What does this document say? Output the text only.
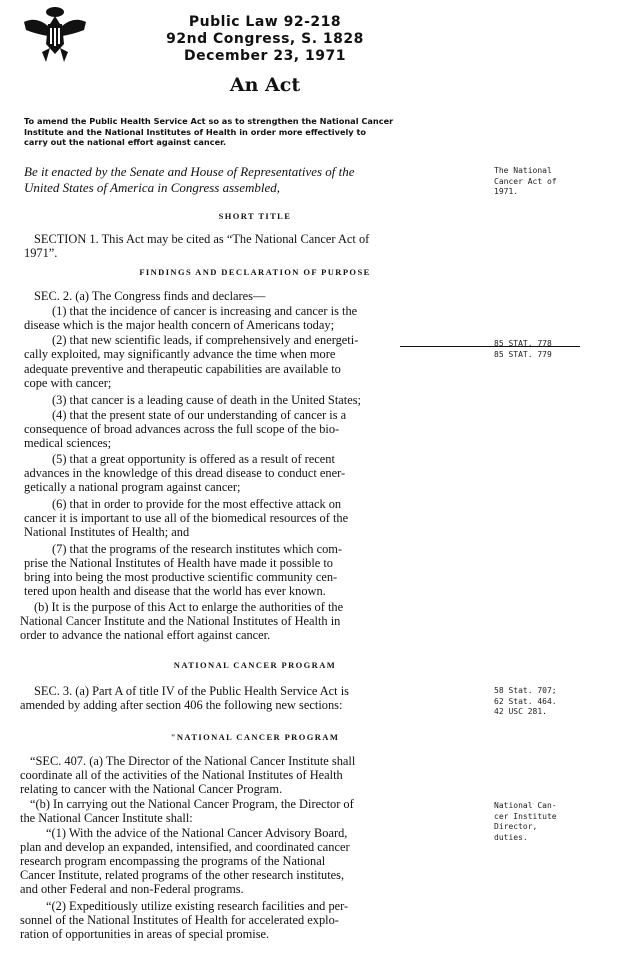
Public Law 92-218
92nd Congress, S. 1828
December 23, 1971
An Act
To amend the Public Health Service Act so as to strengthen the National Cancer
Institute and the National Institutes of Health in order more effectively to
carry out the national effort against cancer.
Be it enacted by the Senate and House of Representatives of the
United States of America in Congress assembled,
The National
Cancer Act of
1971.
SHORT TITLE
SECTION 1. This Act may be cited as “The National Cancer Act of
1971”.
FINDINGS AND DECLARATION OF PURPOSE
SEC. 2. (a) The Congress finds and declares—
(1) that the incidence of cancer is increasing and cancer is the
disease which is the major health concern of Americans today;
(2) that new scientific leads, if comprehensively and energeti-
cally exploited, may significantly advance the time when more
adequate preventive and therapeutic capabilities are available to
cope with cancer;
(3) that cancer is a leading cause of death in the United States;
(4) that the present state of our understanding of cancer is a
consequence of broad advances across the full scope of the bio-
medical sciences;
(5) that a great opportunity is offered as a result of recent
advances in the knowledge of this dread disease to conduct ener-
getically a national program against cancer;
(6) that in order to provide for the most effective attack on
cancer it is important to use all of the biomedical resources of the
National Institutes of Health; and
(7) that the programs of the research institutes which com-
prise the National Institutes of Health have made it possible to
bring into being the most productive scientific community cen-
tered upon health and disease that the world has ever known.
(b) It is the purpose of this Act to enlarge the authorities of the
National Cancer Institute and the National Institutes of Health in
order to advance the national effort against cancer.
85 STAT. 778
85 STAT. 779
NATIONAL CANCER PROGRAM
SEC. 3. (a) Part A of title IV of the Public Health Service Act is
amended by adding after section 406 the following new sections:
58 Stat. 707;
62 Stat. 464.
42 USC 281.
"NATIONAL CANCER PROGRAM
“SEC. 407. (a) The Director of the National Cancer Institute shall
coordinate all of the activities of the National Institutes of Health
relating to cancer with the National Cancer Program.
“(b) In carrying out the National Cancer Program, the Director of
the National Cancer Institute shall:
“(1) With the advice of the National Cancer Advisory Board,
plan and develop an expanded, intensified, and coordinated cancer
research program encompassing the programs of the National
Cancer Institute, related programs of the other research institutes,
and other Federal and non-Federal programs.
“(2) Expeditiously utilize existing research facilities and per-
sonnel of the National Institutes of Health for accelerated explo-
ration of opportunities in areas of special promise.
National Can-
cer Institute
Director,
duties.
